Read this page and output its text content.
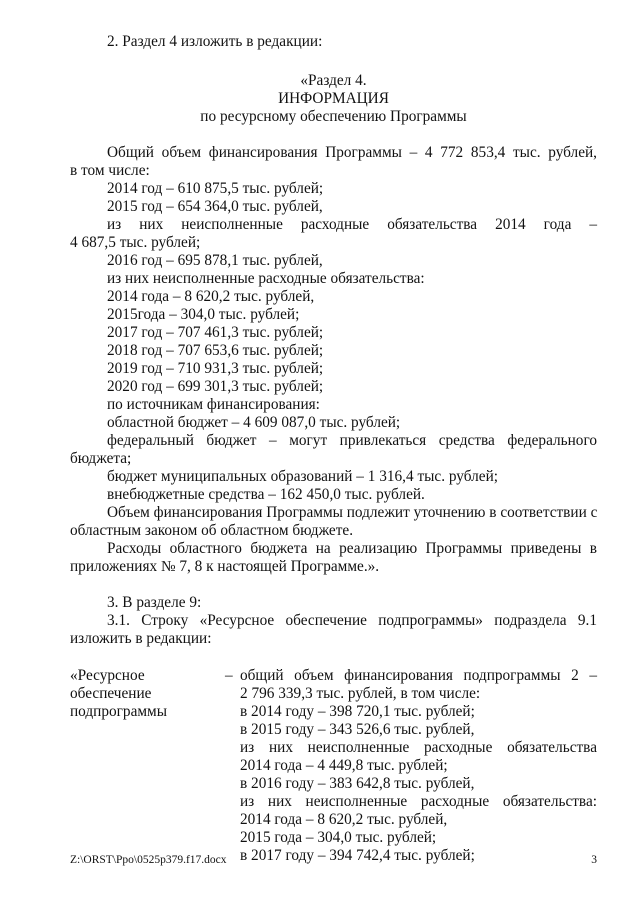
2. Раздел 4 изложить в редакции:
«Раздел 4.
ИНФОРМАЦИЯ
по ресурсному обеспечению Программы
Общий объем финансирования Программы – 4 772 853,4 тыс. рублей,
в том числе:
2014 год – 610 875,5 тыс. рублей;
2015 год – 654 364,0 тыс. рублей,
из них неисполненные расходные обязательства 2014 года –
4 687,5 тыс. рублей;
2016 год – 695 878,1 тыс. рублей,
из них неисполненные расходные обязательства:
2014 года – 8 620,2 тыс. рублей,
2015года – 304,0 тыс. рублей;
2017 год – 707 461,3 тыс. рублей;
2018 год – 707 653,6 тыс. рублей;
2019 год – 710 931,3 тыс. рублей;
2020 год – 699 301,3 тыс. рублей;
по источникам финансирования:
областной бюджет – 4 609 087,0 тыс. рублей;
федеральный бюджет – могут привлекаться средства федерального
бюджета;
бюджет муниципальных образований – 1 316,4 тыс. рублей;
внебюджетные средства – 162 450,0 тыс. рублей.
Объем финансирования Программы подлежит уточнению в соответствии с
областным законом об областном бюджете.
Расходы областного бюджета на реализацию Программы приведены в
приложениях № 7, 8 к настоящей Программе.».
3. В разделе 9:
3.1. Строку «Ресурсное обеспечение подпрограммы» подраздела 9.1
изложить в редакции:
«Ресурсное
обеспечение
подпрограммы
– общий объем финансирования подпрограммы 2 –
2 796 339,3 тыс. рублей, в том числе:
в 2014 году – 398 720,1 тыс. рублей;
в 2015 году – 343 526,6 тыс. рублей,
из них неисполненные расходные обязательства
2014 года – 4 449,8 тыс. рублей;
в 2016 году – 383 642,8 тыс. рублей,
из них неисполненные расходные обязательства:
2014 года – 8 620,2 тыс. рублей,
2015 года – 304,0 тыс. рублей;
в 2017 году – 394 742,4 тыс. рублей;
Z:\ORST\Ppo\0525p379.f17.docx	3
